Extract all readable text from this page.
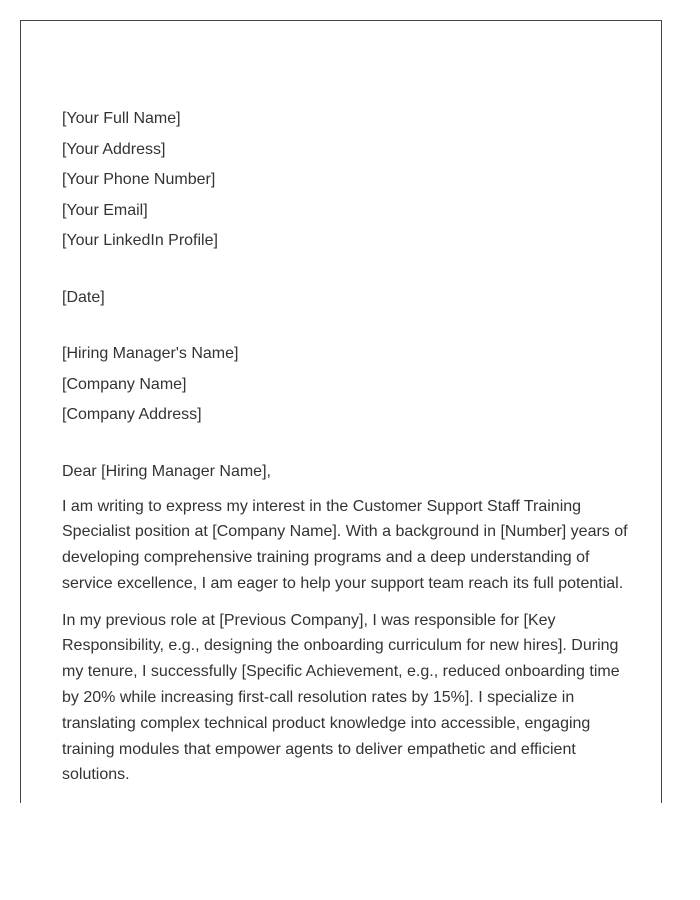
[Your Full Name]
[Your Address]
[Your Phone Number]
[Your Email]
[Your LinkedIn Profile]
[Date]
[Hiring Manager's Name]
[Company Name]
[Company Address]
Dear [Hiring Manager Name],

I am writing to express my interest in the Customer Support Staff Training Specialist position at [Company Name]. With a background in [Number] years of developing comprehensive training programs and a deep understanding of service excellence, I am eager to help your support team reach its full potential.

In my previous role at [Previous Company], I was responsible for [Key Responsibility, e.g., designing the onboarding curriculum for new hires]. During my tenure, I successfully [Specific Achievement, e.g., reduced onboarding time by 20% while increasing first-call resolution rates by 15%]. I specialize in translating complex technical product knowledge into accessible, engaging training modules that empower agents to deliver empathetic and efficient solutions.
